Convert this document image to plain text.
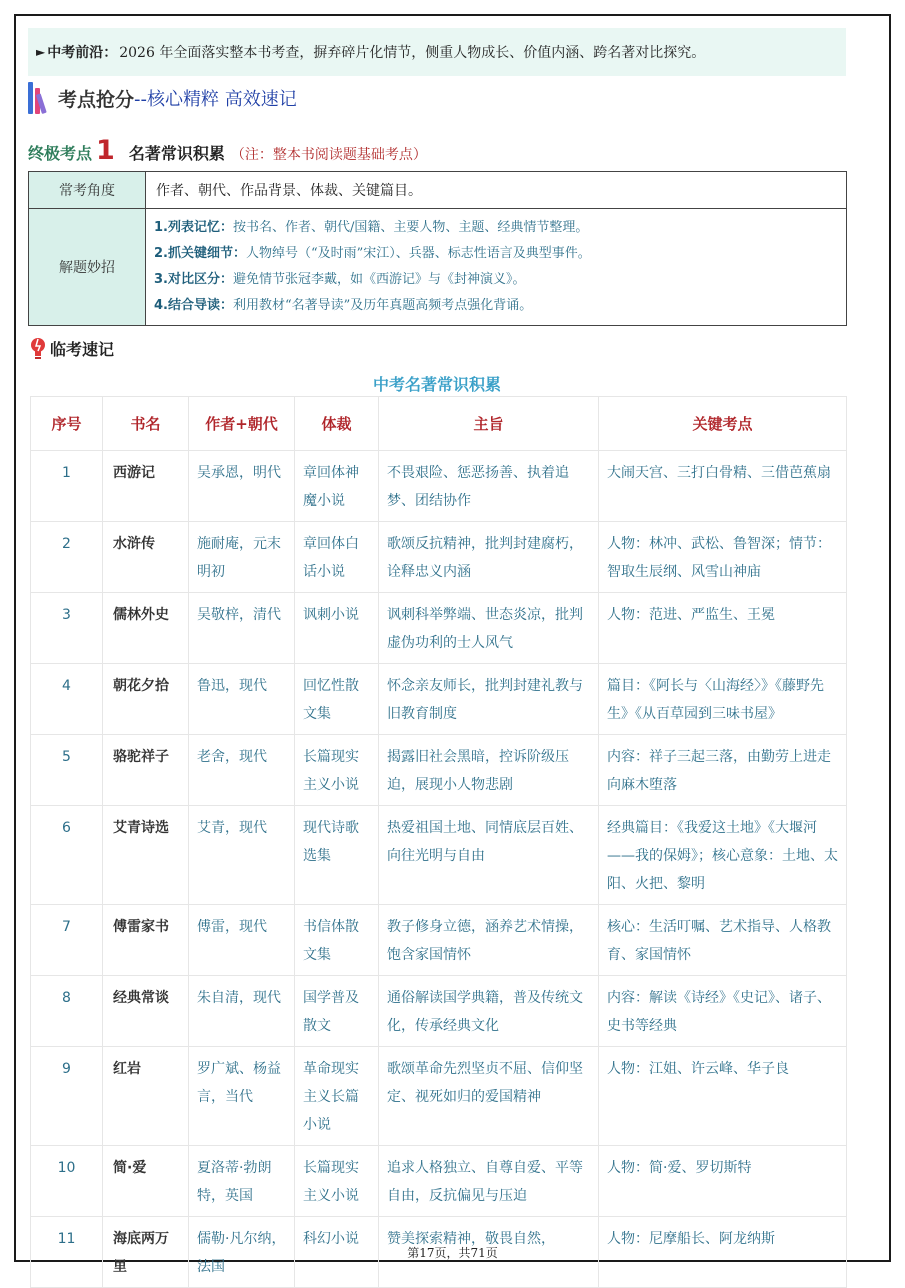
► 中考前沿： 2026 年全面落实整本书考查，摒弃碎片化情节，侧重人物成长、价值内涵、跨名著对比探究。
考点抢分 --核心精粹 高效速记
终极考点 1 名著常识积累 （注：整本书阅读题基础考点）
常考角度	作者、朝代、作品背景、体裁、关键篇目。
解题妙招	1.列表记忆：按书名、作者、朝代/国籍、主要人物、主题、经典情节整理。
2.抓关键细节：人物绰号（“及时雨”宋江）、兵器、标志性语言及典型事件。
3.对比区分：避免情节张冠李戴，如《西游记》与《封神演义》。
4.结合导读：利用教材“名著导读”及历年真题高频考点强化背诵。
临考速记
中考名著常识积累
序号	书名	作者+朝代	体裁	主旨	关键考点
1	西游记	吴承恩，明代	章回体神魔小说	不畏艰险、惩恶扬善、执着追梦、团结协作	大闹天宫、三打白骨精、三借芭蕉扇
2	水浒传	施耐庵，元末明初	章回体白话小说	歌颂反抗精神，批判封建腐朽，诠释忠义内涵	人物：林冲、武松、鲁智深；情节：智取生辰纲、风雪山神庙
3	儒林外史	吴敬梓，清代	讽刺小说	讽刺科举弊端、世态炎凉，批判虚伪功利的士人风气	人物：范进、严监生、王冕
4	朝花夕拾	鲁迅，现代	回忆性散文集	怀念亲友师长，批判封建礼教与旧教育制度	篇目：《阿长与〈山海经〉》《藤野先生》《从百草园到三味书屋》
5	骆驼祥子	老舍，现代	长篇现实主义小说	揭露旧社会黑暗，控诉阶级压迫，展现小人物悲剧	内容：祥子三起三落，由勤劳上进走向麻木堕落
6	艾青诗选	艾青，现代	现代诗歌选集	热爱祖国土地、同情底层百姓、向往光明与自由	经典篇目：《我爱这土地》《大堰河——我的保姆》；核心意象：土地、太阳、火把、黎明
7	傅雷家书	傅雷，现代	书信体散文集	教子修身立德，涵养艺术情操，饱含家国情怀	核心：生活叮嘱、艺术指导、人格教育、家国情怀
8	经典常谈	朱自清，现代	国学普及散文	通俗解读国学典籍，普及传统文化，传承经典文化	内容：解读《诗经》《史记》、诸子、史书等经典
9	红岩	罗广斌、杨益言，当代	革命现实主义长篇小说	歌颂革命先烈坚贞不屈、信仰坚定、视死如归的爱国精神	人物：江姐、许云峰、华子良
10	简·爱	夏洛蒂·勃朗特，英国	长篇现实主义小说	追求人格独立、自尊自爱、平等自由，反抗偏见与压迫	人物：简·爱、罗切斯特
11	海底两万里	儒勒·凡尔纳，法国	科幻小说	赞美探索精神，敬畏自然，	人物：尼摩船长、阿龙纳斯
第17页，共71页
